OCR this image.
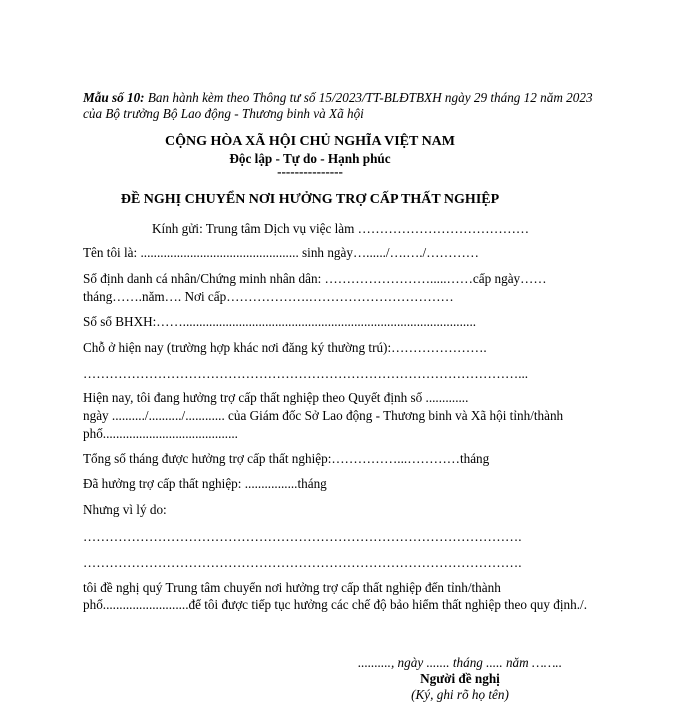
Mẫu số 10: Ban hành kèm theo Thông tư số 15/2023/TT-BLĐTBXH ngày 29 tháng 12 năm 2023
của Bộ trưởng Bộ Lao động - Thương binh và Xã hội
CỘNG HÒA XÃ HỘI CHỦ NGHĨA VIỆT NAM
Độc lập - Tự do - Hạnh phúc
---------------
ĐỀ NGHỊ CHUYỂN NƠI HƯỞNG TRỢ CẤP THẤT NGHIỆP
Kính gửi: Trung tâm Dịch vụ việc làm …………………………………
Tên tôi là: ................................................ sinh ngày…....../….…./…………
Số định danh cá nhân/Chứng minh nhân dân: …………………….....……cấp ngày……
tháng…….năm…. Nơi cấp……………….……………………………
Số sổ BHXH:…….........................................................................................
Chỗ ở hiện nay (trường hợp khác nơi đăng ký thường trú):………………….
………………………………………………………………………………………...
Hiện nay, tôi đang hưởng trợ cấp thất nghiệp theo Quyết định số .............
ngày ........../........../............ của Giám đốc Sở Lao động - Thương binh và Xã hội tỉnh/thành
phố.........................................
Tổng số tháng được hưởng trợ cấp thất nghiệp:……………...…………tháng
Đã hưởng trợ cấp thất nghiệp: ................tháng
Nhưng vì lý do:
……………………………………………………………………………………….
……………………………………………………………………………………….
tôi đề nghị quý Trung tâm chuyển nơi hưởng trợ cấp thất nghiệp đến tỉnh/thành
phố..........................để tôi được tiếp tục hưởng các chế độ bảo hiểm thất nghiệp theo quy định./.
.........., ngày ....... tháng ..... năm ……..
Người đề nghị
(Ký, ghi rõ họ tên)
